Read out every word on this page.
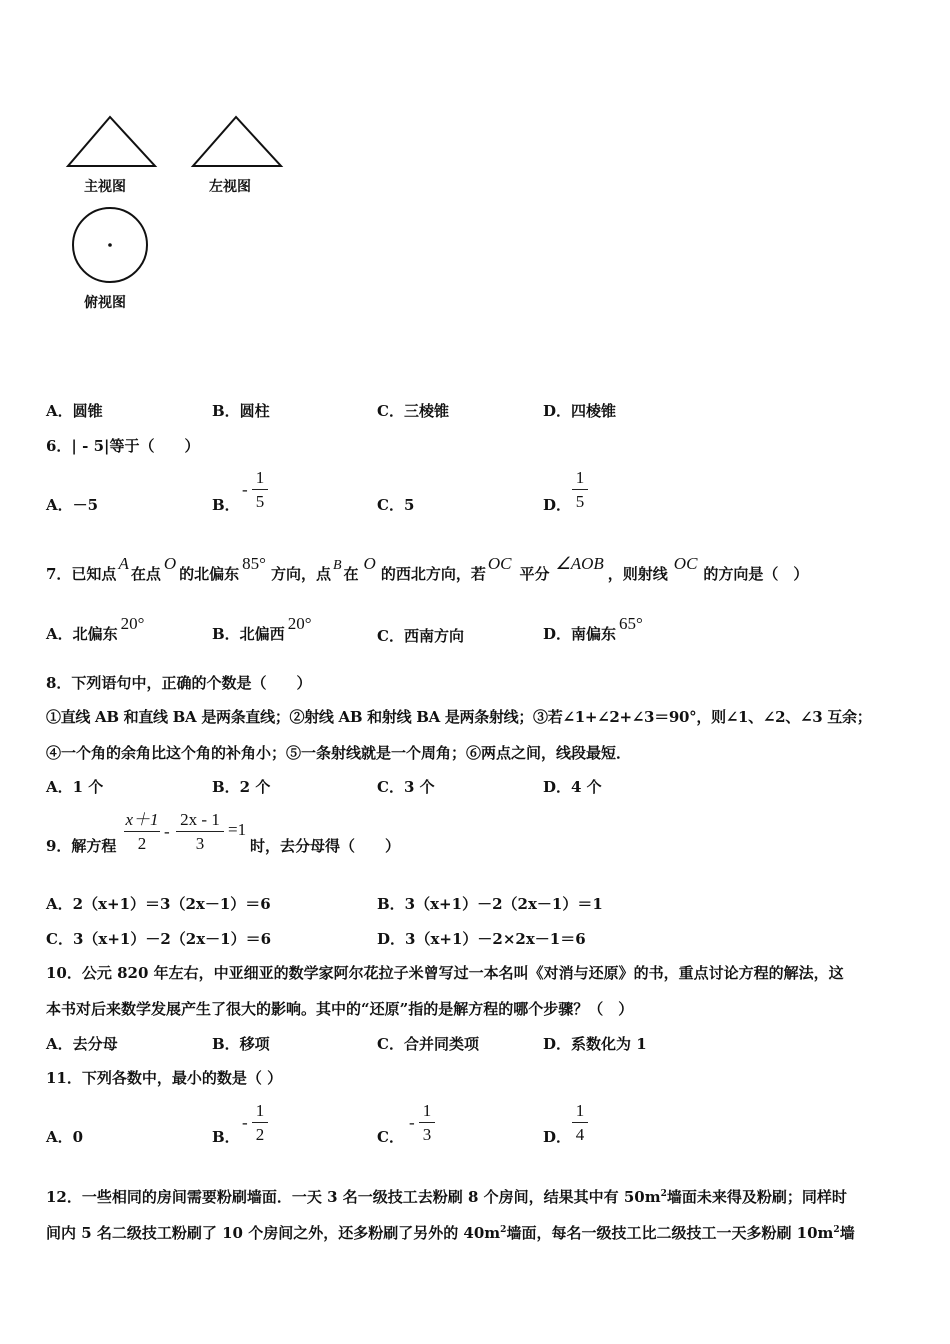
主视图	左视图
俯视图
A．圆锥	B．圆柱	C．三棱锥	D．四棱锥
6．| - 5|等于（　　）
A．－5	B．
-
1
5	C．5	D．
1
5
7．已知点A在点O的北偏东85°方向，点 B 在O的西北方向，若OC平分∠AOB，则射线OC的方向是（　）
A．北偏东20°
B．北偏西20°
C．西南方向	D．南偏东65°
8．下列语句中，正确的个数是（　　）
①直线 AB 和直线 BA 是两条直线；②射线 AB 和射线 BA 是两条射线；③若∠1+∠2+∠3＝90°，则∠1、∠2、∠3 互余；
④一个角的余角比这个角的补角小；⑤一条射线就是一个周角；⑥两点之间，线段最短．
A．1 个	B．2 个	C．3 个	D．4 个
9．解方程
x＋1
2
-
2x - 1
3
=1
时，去分母得（　　）
A．2（x+1）＝3（2x－1）＝6	B．3（x+1）－2（2x－1）＝1
C．3（x+1）－2（2x－1）＝6	D．3（x+1）－2×2x－1＝6
10．公元 820 年左右，中亚细亚的数学家阿尔花拉子米曾写过一本名叫《对消与还原》的书，重点讨论方程的解法，这
本书对后来数学发展产生了很大的影响。其中的“还原”指的是解方程的哪个步骤？（　）
A．去分母	B．移项	C．合并同类项	D．系数化为 1
11．下列各数中，最小的数是（ ）
A．0	B．
-
1
2	C．
-
1
3	D．
1
4
12．一些相同的房间需要粉刷墙面．一天 3 名一级技工去粉刷 8 个房间，结果其中有 $50m^2$墙面未来得及粉刷；同样时
间内 5 名二级技工粉刷了 10 个房间之外，还多粉刷了另外的 $40m^2$墙面，每名一级技工比二级技工一天多粉刷 $10m^2$墙
